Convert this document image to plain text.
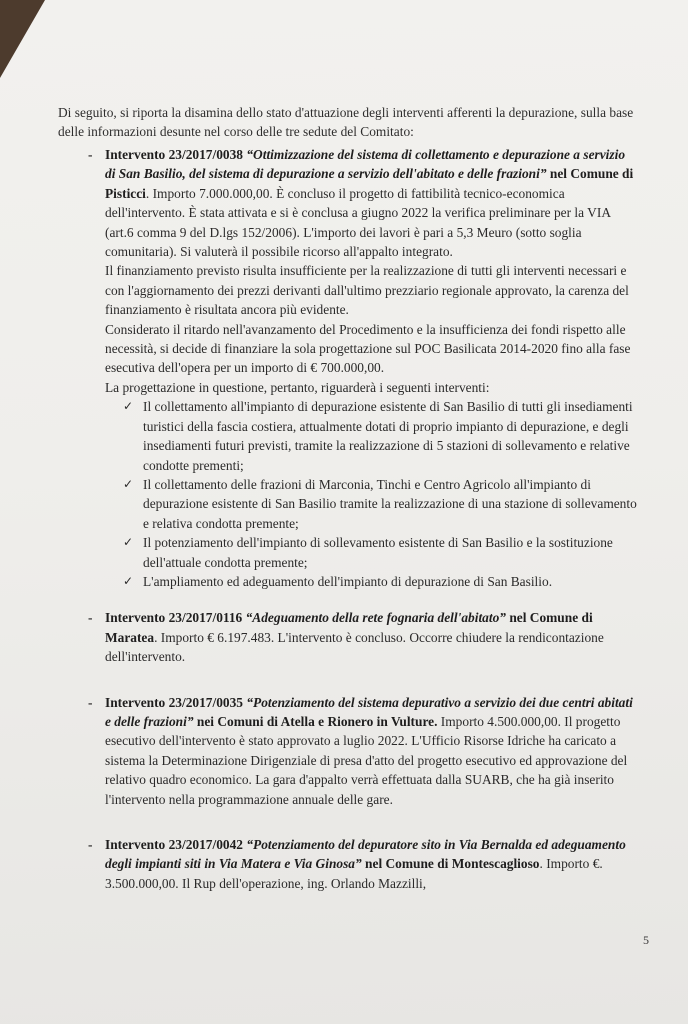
Di seguito, si riporta la disamina dello stato d'attuazione degli interventi afferenti la depurazione, sulla base delle informazioni desunte nel corso delle tre sedute del Comitato:

- Intervento 23/2017/0038 “Ottimizzazione del sistema di collettamento e depurazione a servizio di San Basilio, del sistema di depurazione a servizio dell'abitato e delle frazioni” nel Comune di Pisticci. Importo 7.000.000,00. È concluso il progetto di fattibilità tecnico-economica dell'intervento. È stata attivata e si è conclusa a giugno 2022 la verifica preliminare per la VIA (art.6 comma 9 del D.lgs 152/2006). L'importo dei lavori è pari a 5,3 Meuro (sotto soglia comunitaria). Si valuterà il possibile ricorso all'appalto integrato.

Il finanziamento previsto risulta insufficiente per la realizzazione di tutti gli interventi necessari e con l'aggiornamento dei prezzi derivanti dall'ultimo prezziario regionale approvato, la carenza del finanziamento è risultata ancora più evidente.

Considerato il ritardo nell'avanzamento del Procedimento e la insufficienza dei fondi rispetto alle necessità, si decide di finanziare la sola progettazione sul POC Basilicata 2014-2020 fino alla fase esecutiva dell'opera per un importo di € 700.000,00.

La progettazione in questione, pertanto, riguarderà i seguenti interventi:

✓ Il collettamento all'impianto di depurazione esistente di San Basilio di tutti gli insediamenti turistici della fascia costiera, attualmente dotati di proprio impianto di depurazione, e degli insediamenti futuri previsti, tramite la realizzazione di 5 stazioni di sollevamento e relative condotte prementi;
✓ Il collettamento delle frazioni di Marconia, Tinchi e Centro Agricolo all'impianto di depurazione esistente di San Basilio tramite la realizzazione di una stazione di sollevamento e relativa condotta premente;
✓ Il potenziamento dell'impianto di sollevamento esistente di San Basilio e la sostituzione dell'attuale condotta premente;
✓ L'ampliamento ed adeguamento dell'impianto di depurazione di San Basilio.
- Intervento 23/2017/0116 “Adeguamento della rete fognaria dell'abitato” nel Comune di Maratea. Importo € 6.197.483. L'intervento è concluso. Occorre chiudere la rendicontazione dell'intervento.

- Intervento 23/2017/0035 “Potenziamento del sistema depurativo a servizio dei due centri abitati e delle frazioni” nei Comuni di Atella e Rionero in Vulture. Importo 4.500.000,00. Il progetto esecutivo dell'intervento è stato approvato a luglio 2022. L'Ufficio Risorse Idriche ha caricato a sistema la Determinazione Dirigenziale di presa d'atto del progetto esecutivo ed approvazione del relativo quadro economico. La gara d'appalto verrà effettuata dalla SUARB, che ha già inserito l'intervento nella programmazione annuale delle gare.

- Intervento 23/2017/0042 “Potenziamento del depuratore sito in Via Bernalda ed adeguamento degli impianti siti in Via Matera e Via Ginosa” nel Comune di Montescaglioso. Importo €. 3.500.000,00. Il Rup dell'operazione, ing. Orlando Mazzilli,

5
